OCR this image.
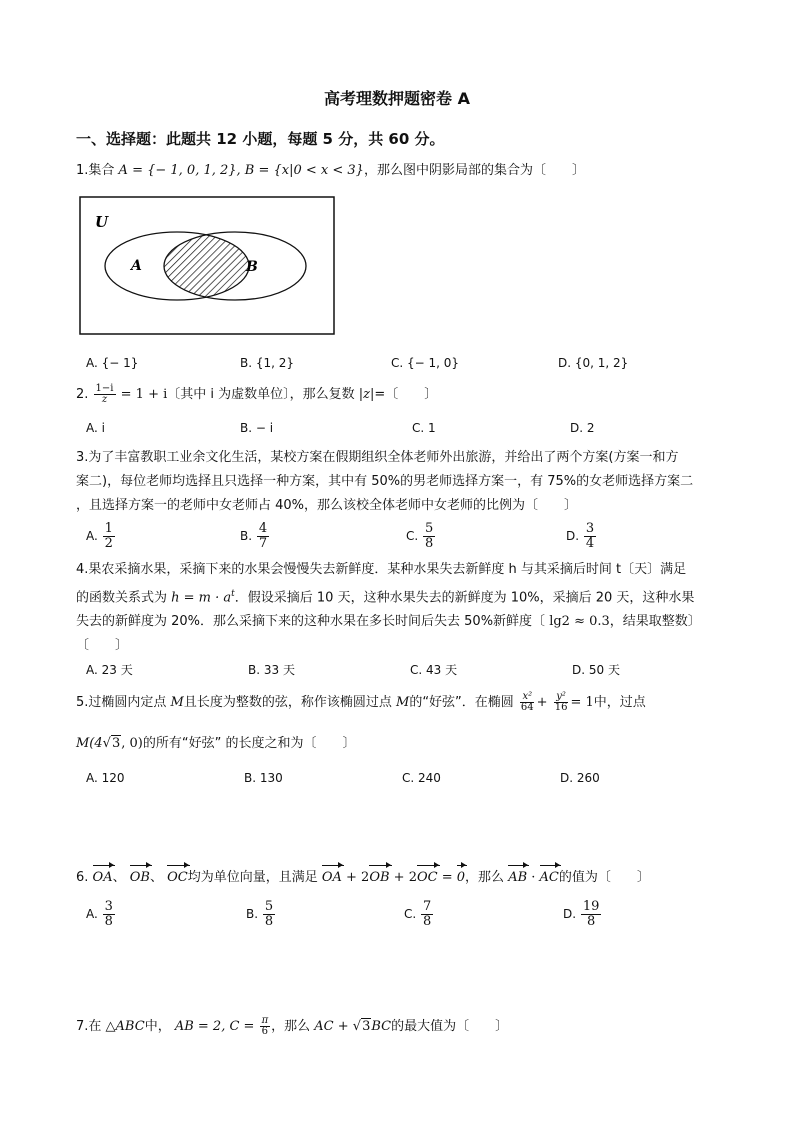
高考理数押题密卷 A
一、选择题：此题共 12 小题，每题 5 分，共 60 分。
1.集合 A = {− 1, 0, 1, 2}, B = {x|0 < x < 3}，那么图中阴影局部的集合为〔　　〕
U
A	B
A. {− 1}	B. {1, 2}	C. {− 1, 0}	D. {0, 1, 2}
2. $\frac{1-i}{z} = 1 + i$〔其中 i 为虚数单位〕，那么复数 |z|=〔　　〕
A. i	B. − i	C. 1	D. 2
3.为了丰富教职工业余文化生活，某校方案在假期组织全体老师外出旅游，并给出了两个方案(方案一和方
案二)，每位老师均选择且只选择一种方案，其中有 50%的男老师选择方案一，有 75%的女老师选择方案二
，且选择方案一的老师中女老师占 40%，那么该校全体老师中女老师的比例为〔　　〕
A. $\frac{1}{2}$	B. $\frac{4}{7}$	C. $\frac{5}{8}$	D. $\frac{3}{4}$
4.果农采摘水果，采摘下来的水果会慢慢失去新鲜度．某种水果失去新鲜度 h 与其采摘后时间 t〔天〕满足
的函数关系式为 $h = m \cdot a^t$．假设采摘后 10 天，这种水果失去的新鲜度为 10%，采摘后 20 天，这种水果
失去的新鲜度为 20%．那么采摘下来的这种水果在多长时间后失去 50%新鲜度〔 lg2 ≈ 0.3，结果取整数〕
〔　　〕
A. 23 天	B. 33 天	C. 43 天	D. 50 天
5.过椭圆内定点 M且长度为整数的弦，称作该椭圆过点 M的“好弦”．在椭圆 $\frac{\text{x²}}{64} + \frac{\text{y²}}{16} = 1$中，过点
M(4√3, 0)的所有“好弦” 的长度之和为〔　　〕
A. 120	B. 130	C. 240	D. 260
6. OA、 OB、 OC均为单位向量，且满足 OA + 2OB + 2OC = 0，那么 AB · AC的值为〔　　〕
A. $\frac{3}{8}$	B. $\frac{5}{8}$	C. $\frac{7}{8}$	D. $\frac{19}{8}$
7.在 △ABC中， AB = 2, $C = \frac{\pi}{6}$ ，那么 AC + √3BC的最大值为〔　　〕
